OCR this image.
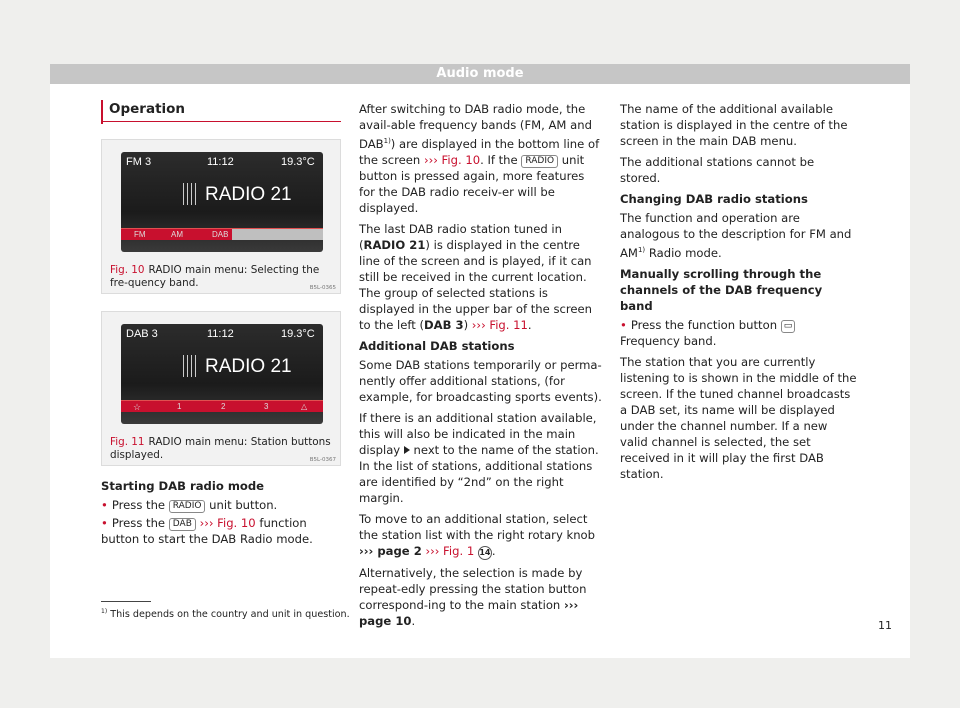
Audio mode
Operation
FM 3	11:12	19.3°C
RADIO 21
FM	AM	DAB
B5L-0365
Fig. 10 RADIO main menu: Selecting the fre-quency band.
DAB 3	11:12	19.3°C
RADIO 21
☆	1	2	3	△
B5L-0367
Fig. 11 RADIO main menu: Station buttons displayed.

Starting DAB radio mode

• Press the RADIO unit button.

• Press the DAB ››› Fig. 10 function button to start the DAB Radio mode.

After switching to DAB radio mode, the avail-able frequency bands (FM, AM and DAB$^{1)}$) are displayed in the bottom line of the screen ››› Fig. 10. If the RADIO unit button is pressed again, more features for the DAB radio receiv-er will be displayed.

The last DAB radio station tuned in (RADIO 21) is displayed in the centre line of the screen and is played, if it can still be received in the current location. The group of selected stations is displayed in the upper bar of the screen to the left (DAB 3) ››› Fig. 11.

Additional DAB stations

Some DAB stations temporarily or perma-nently offer additional stations, (for example, for broadcasting sports events).

If there is an additional station available, this will also be indicated in the main display next to the name of the station. In the list of stations, additional stations are identified by “2nd” on the right margin.

To move to an additional station, select the station list with the right rotary knob ››› page 2 ››› Fig. 1 14.

Alternatively, the selection is made by repeat-edly pressing the station button correspond-ing to the main station ››› page 10.

The name of the additional available station is displayed in the centre of the screen in the main DAB menu.

The additional stations cannot be stored.

Changing DAB radio stations

The function and operation are analogous to the description for FM and AM$^{1)}$ Radio mode.

Manually scrolling through the channels of the DAB frequency band

• Press the function button ▭ Frequency band.

The station that you are currently listening to is shown in the middle of the screen. If the tuned channel broadcasts a DAB set, its name will be displayed under the channel number. If a new valid channel is selected, the set received in it will play the first DAB station.

$^{1)}$ This depends on the country and unit in question.
11
